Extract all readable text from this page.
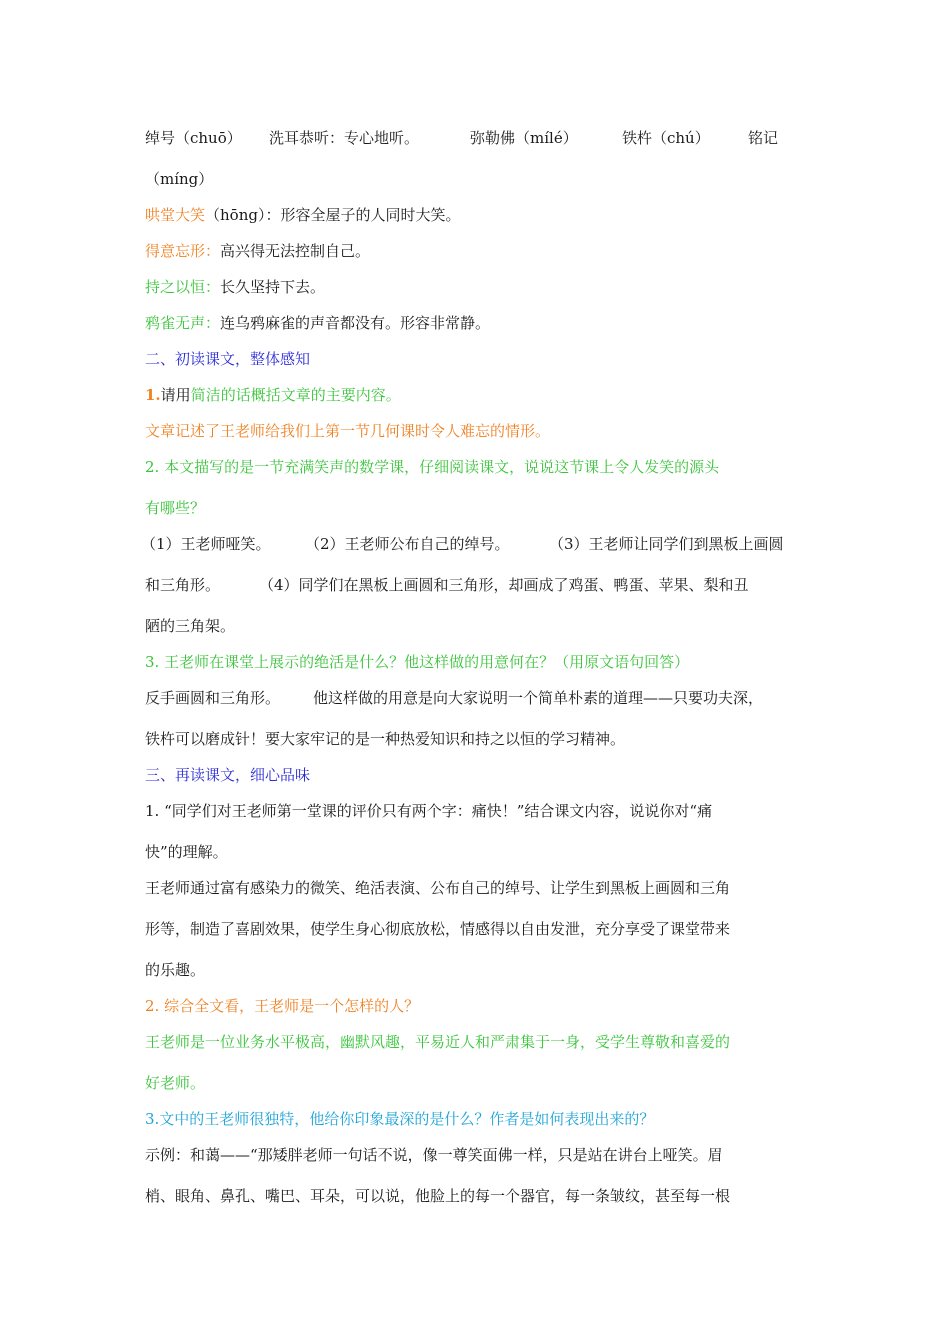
绰号（chuō） 洗耳恭听：专心地听。	弥勒佛（mílé）	铁杵（chú）	铭记
（míng）
哄堂大笑（hōng）：形容全屋子的人同时大笑。
得意忘形：高兴得无法控制自己。
持之以恒：长久坚持下去。
鸦雀无声：连乌鸦麻雀的声音都没有。形容非常静。
二、初读课文，整体感知
1.请用简洁的话概括文章的主要内容。
文章记述了王老师给我们上第一节几何课时令人难忘的情形。
2. 本文描写的是一节充满笑声的数学课，仔细阅读课文，说说这节课上令人发笑的源头
有哪些？
（1）王老师哑笑。 （2）王老师公布自己的绰号。	（3）王老师让同学们到黑板上画圆
和三角形。	（4）同学们在黑板上画圆和三角形，却画成了鸡蛋、鸭蛋、苹果、梨和丑
陋的三角架。
3. 王老师在课堂上展示的绝活是什么？他这样做的用意何在？（用原文语句回答）
反手画圆和三角形。 他这样做的用意是向大家说明一个简单朴素的道理——只要功夫深，
铁杵可以磨成针！要大家牢记的是一种热爱知识和持之以恒的学习精神。
三、再读课文，细心品味
1. “同学们对王老师第一堂课的评价只有两个字：痛快！”结合课文内容，说说你对“痛
快”的理解。
王老师通过富有感染力的微笑、绝活表演、公布自己的绰号、让学生到黑板上画圆和三角
形等，制造了喜剧效果，使学生身心彻底放松，情感得以自由发泄，充分享受了课堂带来
的乐趣。
2. 综合全文看，王老师是一个怎样的人？
王老师是一位业务水平极高，幽默风趣，平易近人和严肃集于一身，受学生尊敬和喜爱的
好老师。
3.文中的王老师很独特，他给你印象最深的是什么？作者是如何表现出来的？
示例：和蔼——“那矮胖老师一句话不说，像一尊笑面佛一样，只是站在讲台上哑笑。眉
梢、眼角、鼻孔、嘴巴、耳朵，可以说，他脸上的每一个器官，每一条皱纹，甚至每一根
